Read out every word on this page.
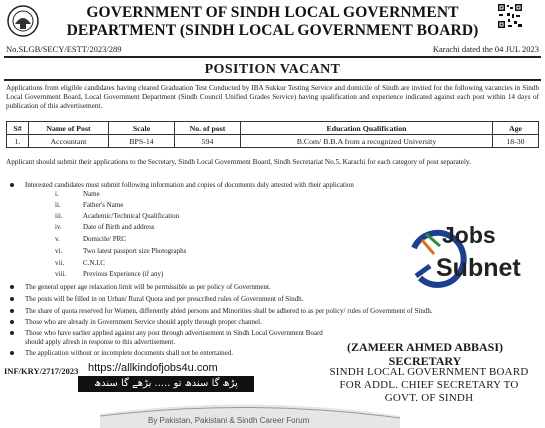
GOVERNMENT OF SINDH LOCAL GOVERNMENT
DEPARTMENT (SINDH LOCAL GOVERNMENT BOARD)
No.SLGB/SECY/ESTT/2023/289	Karachi dated the 04 JUL 2023
POSITION VACANT
Applications from eligible candidates having cleared Graduation Test Conducted by IBA Sukkur Testing Service and domicile of Sindh are invited for the following vacancies in Sindh Local Government Board, Local Government Department (Sindh Council Unified Grades Service) having qualification and experience indicated against each post within 14 days of publication of this advertisement.
S#	Name of Post	Scale	No. of post	Education Qualification	Age
1.	Accountant	BPS-14	594	B.Com/ B.B.A from a recognized University	18-30
Applicant should submit their applications to the Secretary, Sindh Local Government Board, Sindh Secretariat No.5, Karachi for each category of post separately.
Interested candidates must submit following information and copies of documents duly attested with their application
The general upper age relaxation limit will be permissible as per policy of Government.
The posts will be filled in on Urban/ Rural Quota and per prescribed rules of Government of Sindh.
The share of quota reserved for Women, differently abled persons and Minorities shall be adhered to as per policy/ rules of Government of Sindh.
Those who are already in Government Service should apply through proper channel.
Those who have earlier applied against any post through advertisement in Sindh Local Government Board should apply afresh in response to this advertisement.
The application without or incomplete documents shall not be entertained.
i.	Name
ii.	Father's Name
iii.	Academic/Technical Qualification
iv.	Date of Birth and address
v.	Domicile/ PRC
vi.	Two latest passport size Photographs
vii.	C.N.I.C
viii.	Previous Experience (if any)
Jobs
Subnet
(ZAMEER AHMED ABBASI)
SECRETARY
SINDH LOCAL GOVERNMENT BOARD
FOR ADDL. CHIEF SECRETARY TO
GOVT. OF SINDH
INF/KRY/2717/2023 https://allkindofjobs4u.com
پڑھ گا سندھ تو ..... بڑھے گا سندھ
By Pakistan, Pakistani & Sindh Career Forum
